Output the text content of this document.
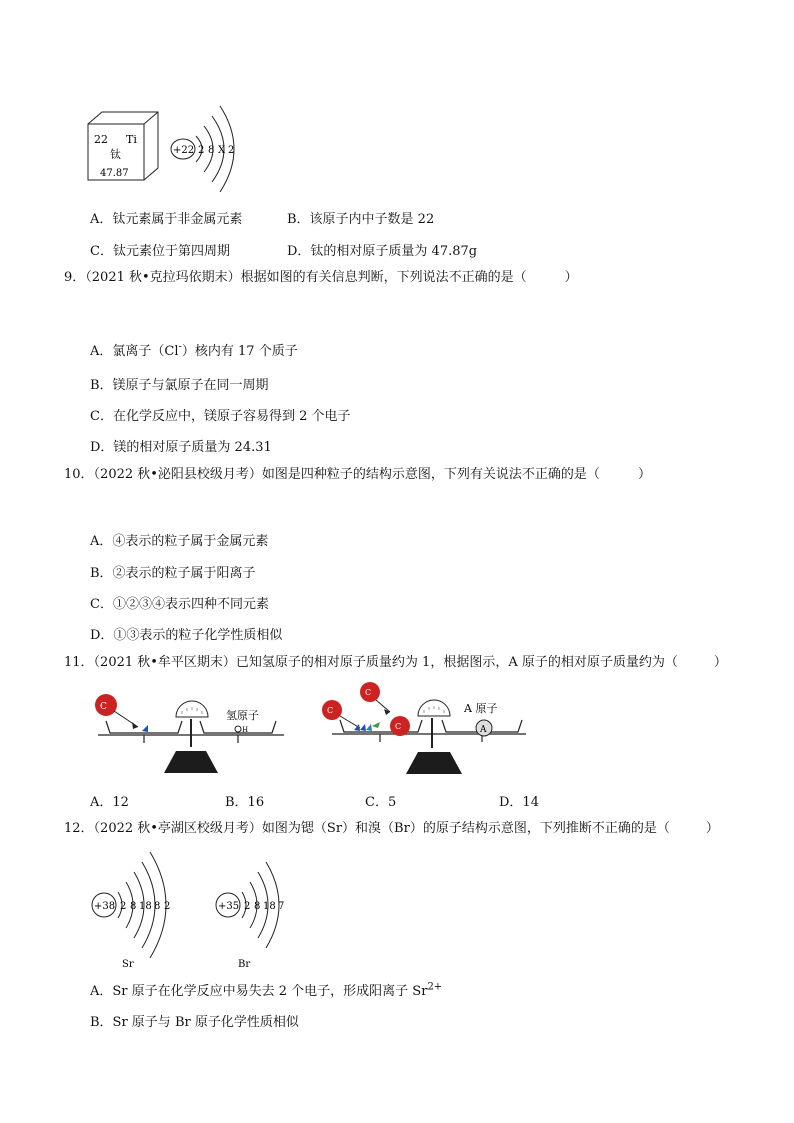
22 Ti
钛
47.87
+22 2 8 X 2
A．钛元素属于非金属元素	B．该原子内中子数是 22
C．钛元素位于第四周期	D．钛的相对原子质量为 47.87g
9．（2021 秋•克拉玛依期末）根据如图的有关信息判断，下列说法不正确的是（	）
A．氯离子（Cl-）核内有 17 个质子
B．镁原子与氯原子在同一周期
C．在化学反应中，镁原子容易得到 2 个电子
D．镁的相对原子质量为 24.31
10．（2022 秋•泌阳县校级月考）如图是四种粒子的结构示意图，下列有关说法不正确的是（	）
A．④表示的粒子属于金属元素
B．②表示的粒子属于阳离子
C．①②③④表示四种不同元素
D．①③表示的粒子化学性质相似
11．（2021 秋•牟平区期末）已知氢原子的相对原子质量约为 1，根据图示，A 原子的相对原子质量约为（	）
C
氢原子
H
C
C
C
A 原子
A
A．12	B．16	C．5	D．14
12．（2022 秋•亭湖区校级月考）如图为锶（Sr）和溴（Br）的原子结构示意图，下列推断不正确的是（	）
+38 2 8 18 8 2
Sr
+35 2 8 18 7
Br
A．Sr 原子在化学反应中易失去 2 个电子，形成阳离子 $Sr^{2+}$
B．Sr 原子与 Br 原子化学性质相似
